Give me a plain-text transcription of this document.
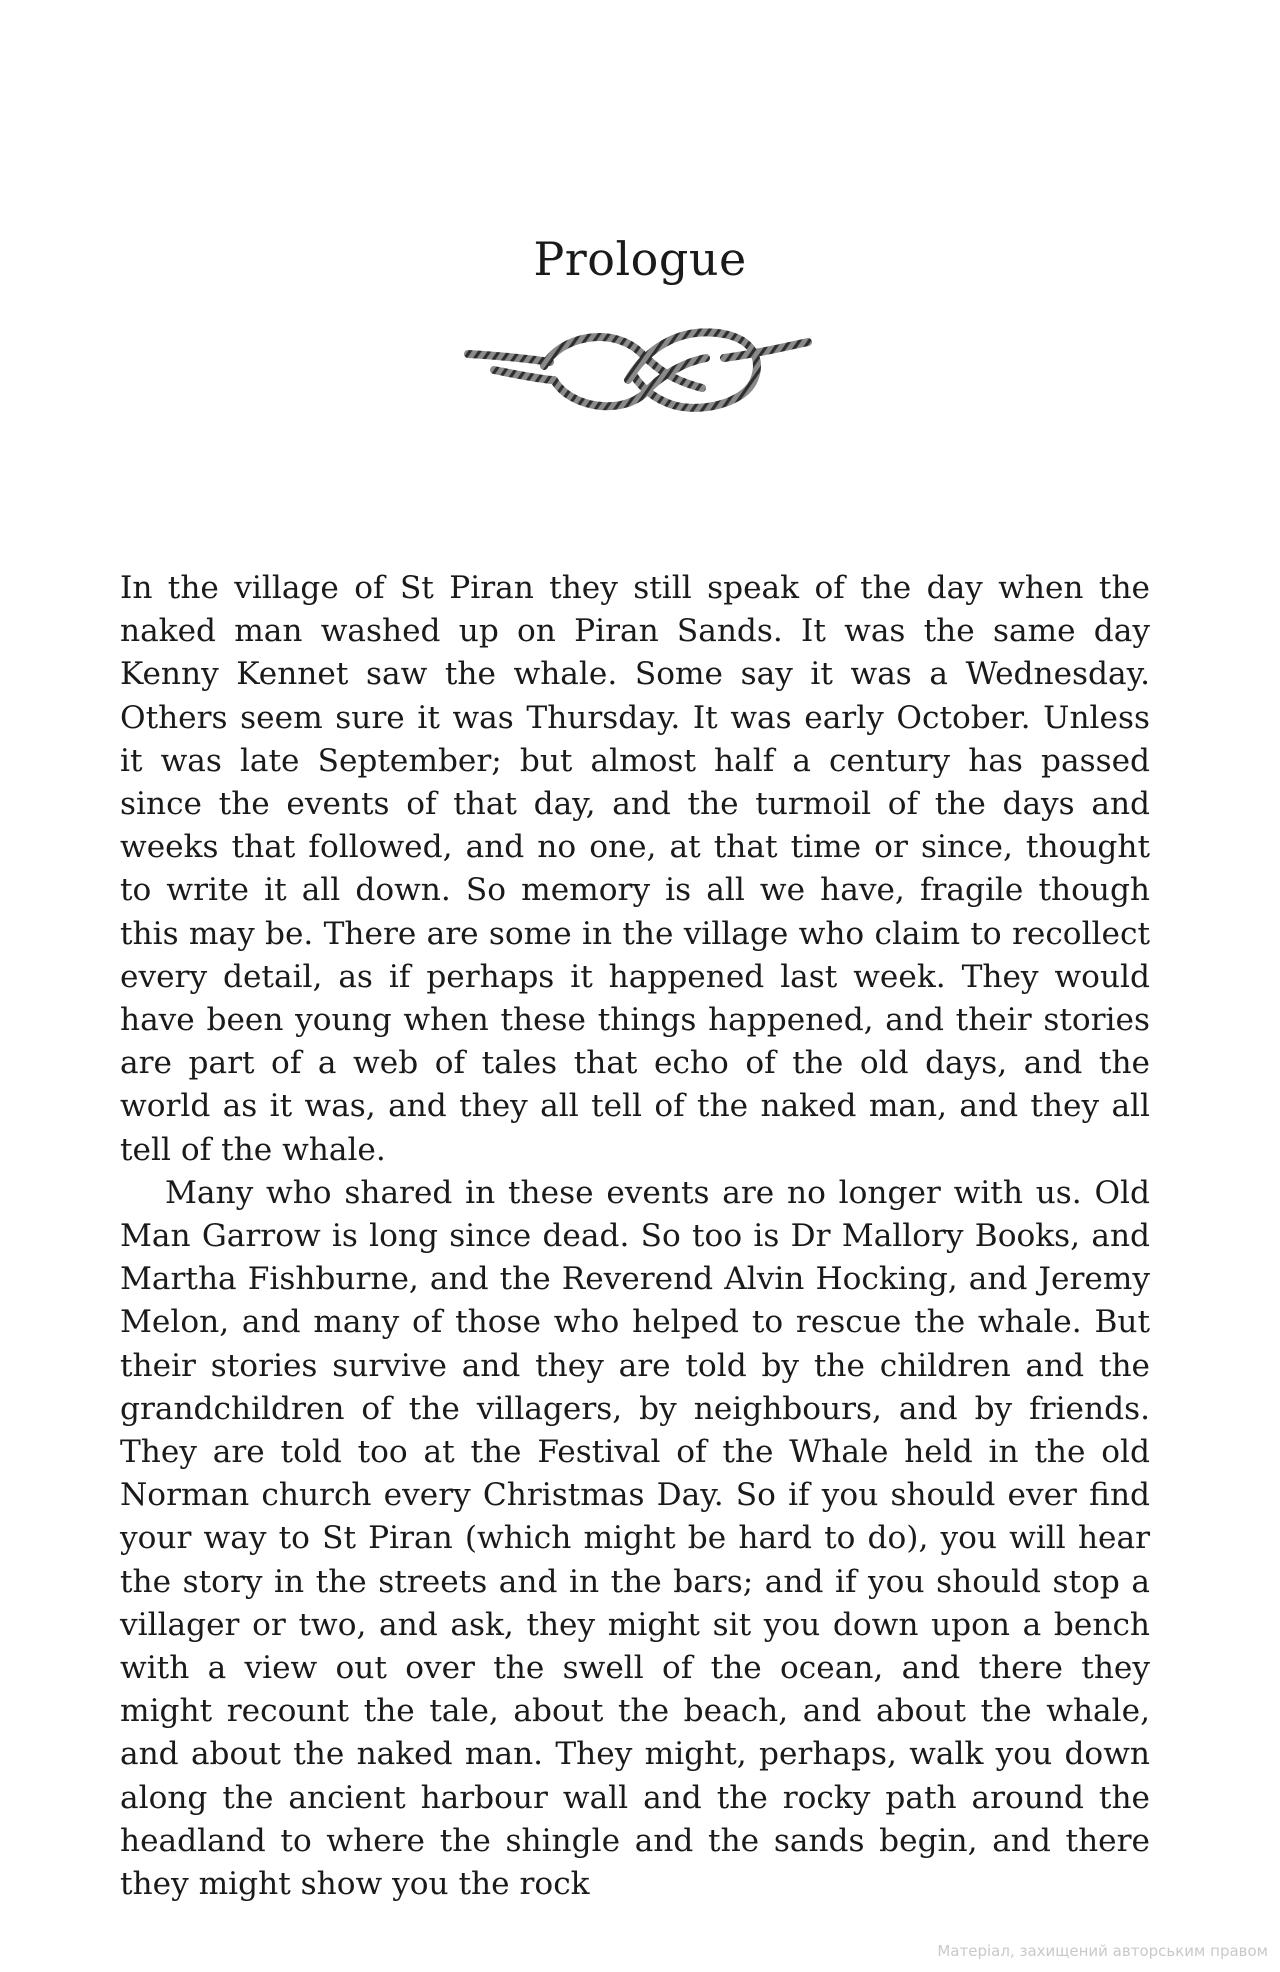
Prologue

In the village of St Piran they still speak of the day when the naked man washed up on Piran Sands. It was the same day Kenny Kennet saw the whale. Some say it was a Wednesday. Others seem sure it was Thursday. It was early October. Unless it was late September; but almost half a century has passed since the events of that day, and the turmoil of the days and weeks that followed, and no one, at that time or since, thought to write it all down. So memory is all we have, fragile though this may be. There are some in the village who claim to recollect every detail, as if perhaps it happened last week. They would have been young when these things happened, and their stories are part of a web of tales that echo of the old days, and the world as it was, and they all tell of the naked man, and they all tell of the whale.

Many who shared in these events are no longer with us. Old Man Garrow is long since dead. So too is Dr Mallory Books, and Martha Fishburne, and the Reverend Alvin Hocking, and Jeremy Melon, and many of those who helped to rescue the whale. But their stories survive and they are told by the children and the grandchildren of the villagers, by neighbours, and by friends. They are told too at the Festival of the Whale held in the old Norman church every Christmas Day. So if you should ever find your way to St Piran (which might be hard to do), you will hear the story in the streets and in the bars; and if you should stop a villager or two, and ask, they might sit you down upon a bench with a view out over the swell of the ocean, and there they might recount the tale, about the beach, and about the whale, and about the naked man. They might, perhaps, walk you down along the ancient harbour wall and the rocky path around the headland to where the shingle and the sands begin, and there they might show you the rock

Матеріал, захищений авторським правом
